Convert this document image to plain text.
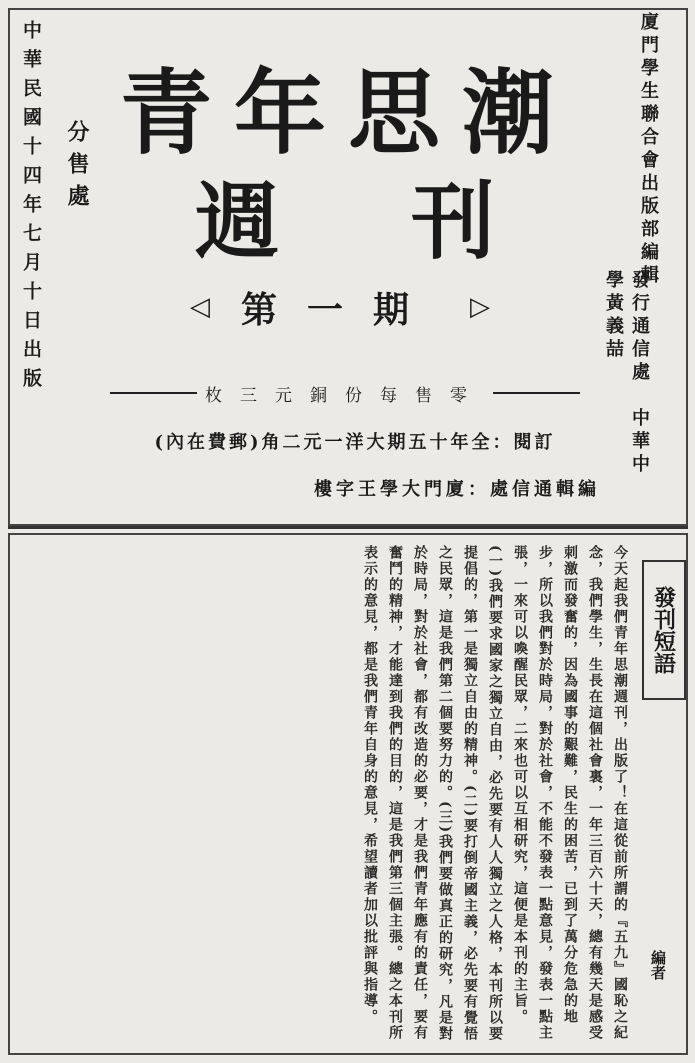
潮思年青
刊週
◁ 期一第 ▷
零售每份銅元三枚
訂閱：全年十五期大洋一元二角(郵費在內)
編輯通信處：廈門大學王字樓
中華民國十四年七月十日出版 分售處	廈門學生聯合會出版部編輯
發行通信處　中華中學黃義喆
發刊短語
編者
今天起我們青年思潮週刊，出版了！在這從前所謂的『五九』國恥之紀念，我們學生，生長在這個社會裏，一年三百六十天，總有幾天是感受刺激而發奮的，因為國事的艱難，民生的困苦，已到了萬分危急的地步，所以我們對於時局，對於社會，不能不發表一點意見，發表一點主張，一來可以喚醒民眾，二來也可以互相研究，這便是本刊的主旨。(一)我們要求國家之獨立自由，必先要有人人獨立之人格，本刊所以要提倡的，第一是獨立自由的精神。(二)要打倒帝國主義，必先要有覺悟之民眾，這是我們第二個要努力的。(三)我們要做真正的研究，凡是對於時局，對於社會，都有改造的必要，才是我們青年應有的責任，要有奮鬥的精神，才能達到我們的目的，這是我們第三個主張。總之本刊所表示的意見，都是我們青年自身的意見，希望讀者加以批評與指導。
